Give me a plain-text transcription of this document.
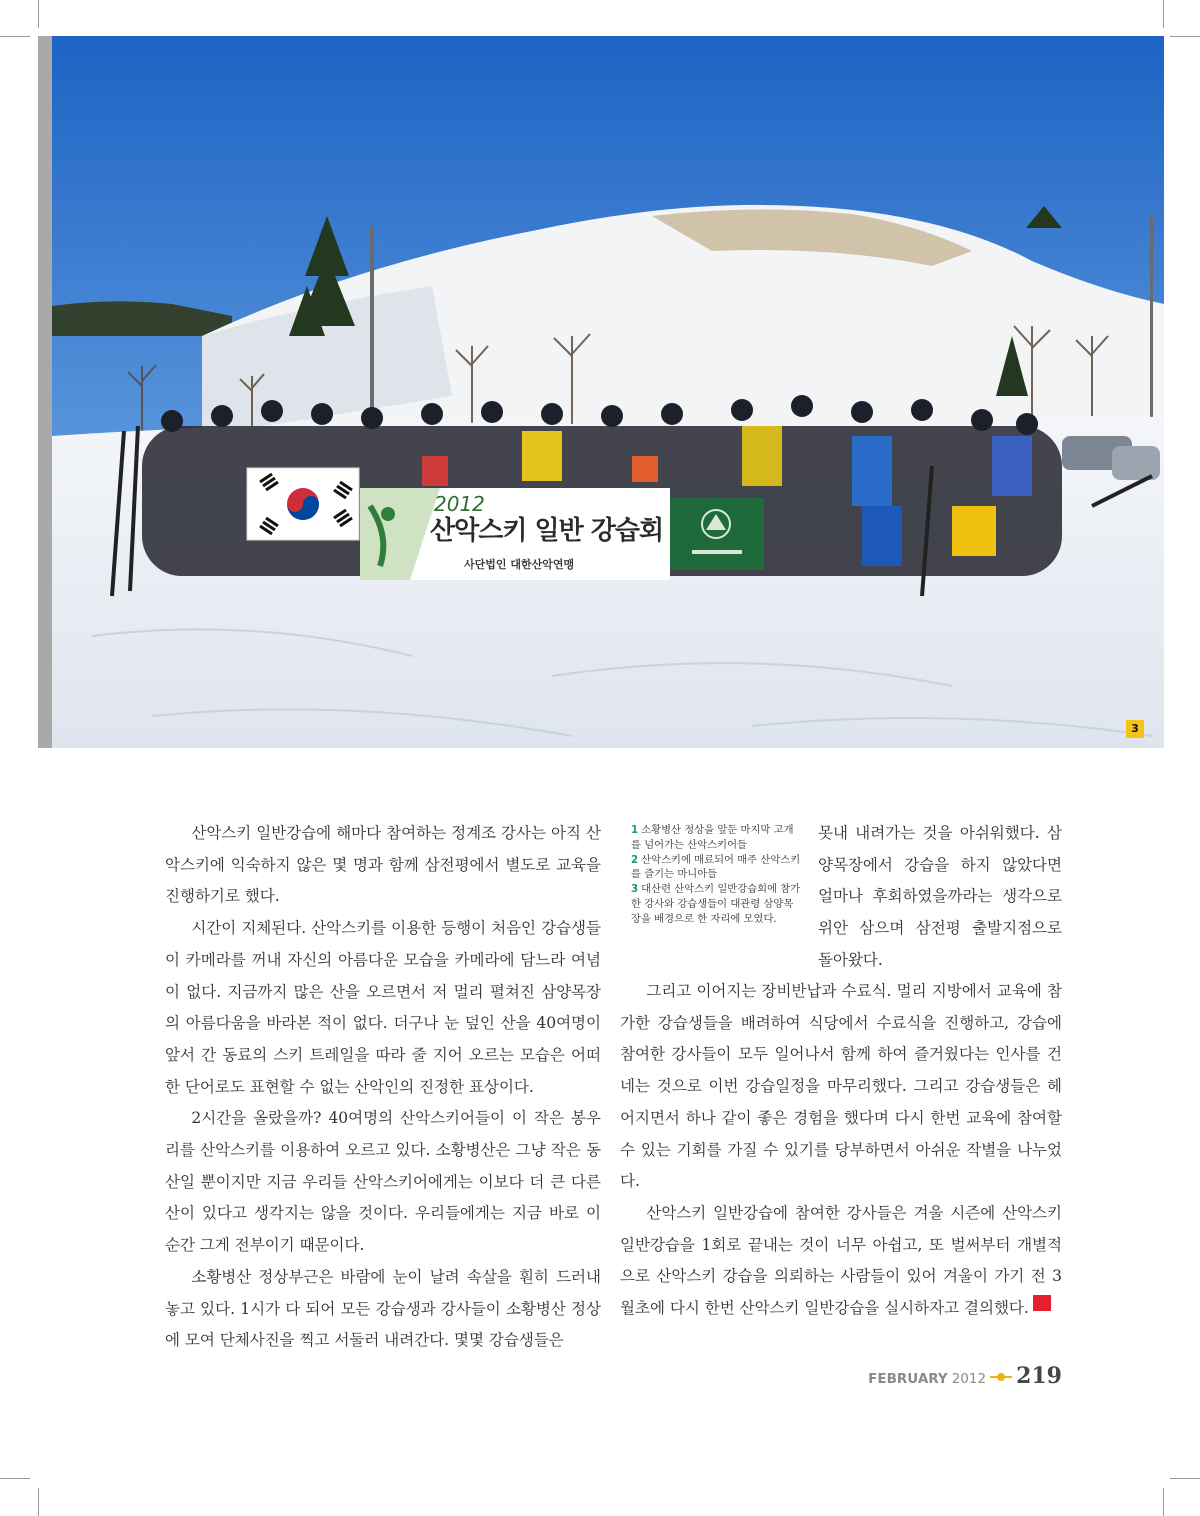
2012
산악스키 일반 강습회
사단법인 대한산악연맹
3

산악스키 일반강습에 해마다 참여하는 정계조 강사는 아직 산악스키에 익숙하지 않은 몇 명과 함께 삼전평에서 별도로 교육을 진행하기로 했다.

시간이 지체된다. 산악스키를 이용한 등행이 처음인 강습생들이 카메라를 꺼내 자신의 아름다운 모습을 카메라에 담느라 여념이 없다. 지금까지 많은 산을 오르면서 저 멀리 펼쳐진 삼양목장의 아름다움을 바라본 적이 없다. 더구나 눈 덮인 산을 40여명이 앞서 간 동료의 스키 트레일을 따라 줄 지어 오르는 모습은 어떠한 단어로도 표현할 수 없는 산악인의 진정한 표상이다.

2시간을 올랐을까? 40여명의 산악스키어들이 이 작은 봉우리를 산악스키를 이용하여 오르고 있다. 소황병산은 그냥 작은 동산일 뿐이지만 지금 우리들 산악스키어에게는 이보다 더 큰 다른 산이 있다고 생각지는 않을 것이다. 우리들에게는 지금 바로 이 순간 그게 전부이기 때문이다.

소황병산 정상부근은 바람에 눈이 날려 속살을 훤히 드러내 놓고 있다. 1시가 다 되어 모든 강습생과 강사들이 소황병산 정상에 모여 단체사진을 찍고 서둘러 내려간다. 몇몇 강습생들은

1 소황병산 정상을 앞둔 마지막 고개를 넘어가는 산악스키어들
2 산악스키에 매료되어 매주 산악스키를 즐기는 마니아들
3 대산련 산악스키 일반강습회에 참가한 강사와 강습생들이 대관령 삼양목장을 배경으로 한 자리에 모였다.
못내 내려가는 것을 아쉬워했다. 삼양목장에서 강습을 하지 않았다면 얼마나 후회하였을까라는 생각으로 위안 삼으며 삼전평 출발지점으로 돌아왔다.

그리고 이어지는 장비반납과 수료식. 멀리 지방에서 교육에 참가한 강습생들을 배려하여 식당에서 수료식을 진행하고, 강습에 참여한 강사들이 모두 일어나서 함께 하여 즐거웠다는 인사를 건네는 것으로 이번 강습일정을 마무리했다. 그리고 강습생들은 헤어지면서 하나 같이 좋은 경험을 했다며 다시 한번 교육에 참여할 수 있는 기회를 가질 수 있기를 당부하면서 아쉬운 작별을 나누었다.

산악스키 일반강습에 참여한 강사들은 겨울 시즌에 산악스키 일반강습을 1회로 끝내는 것이 너무 아쉽고, 또 벌써부터 개별적으로 산악스키 강습을 의뢰하는 사람들이 있어 겨울이 가기 전 3월초에 다시 한번 산악스키 일반강습을 실시하자고 결의했다.

FEBRUARY 2012 219
